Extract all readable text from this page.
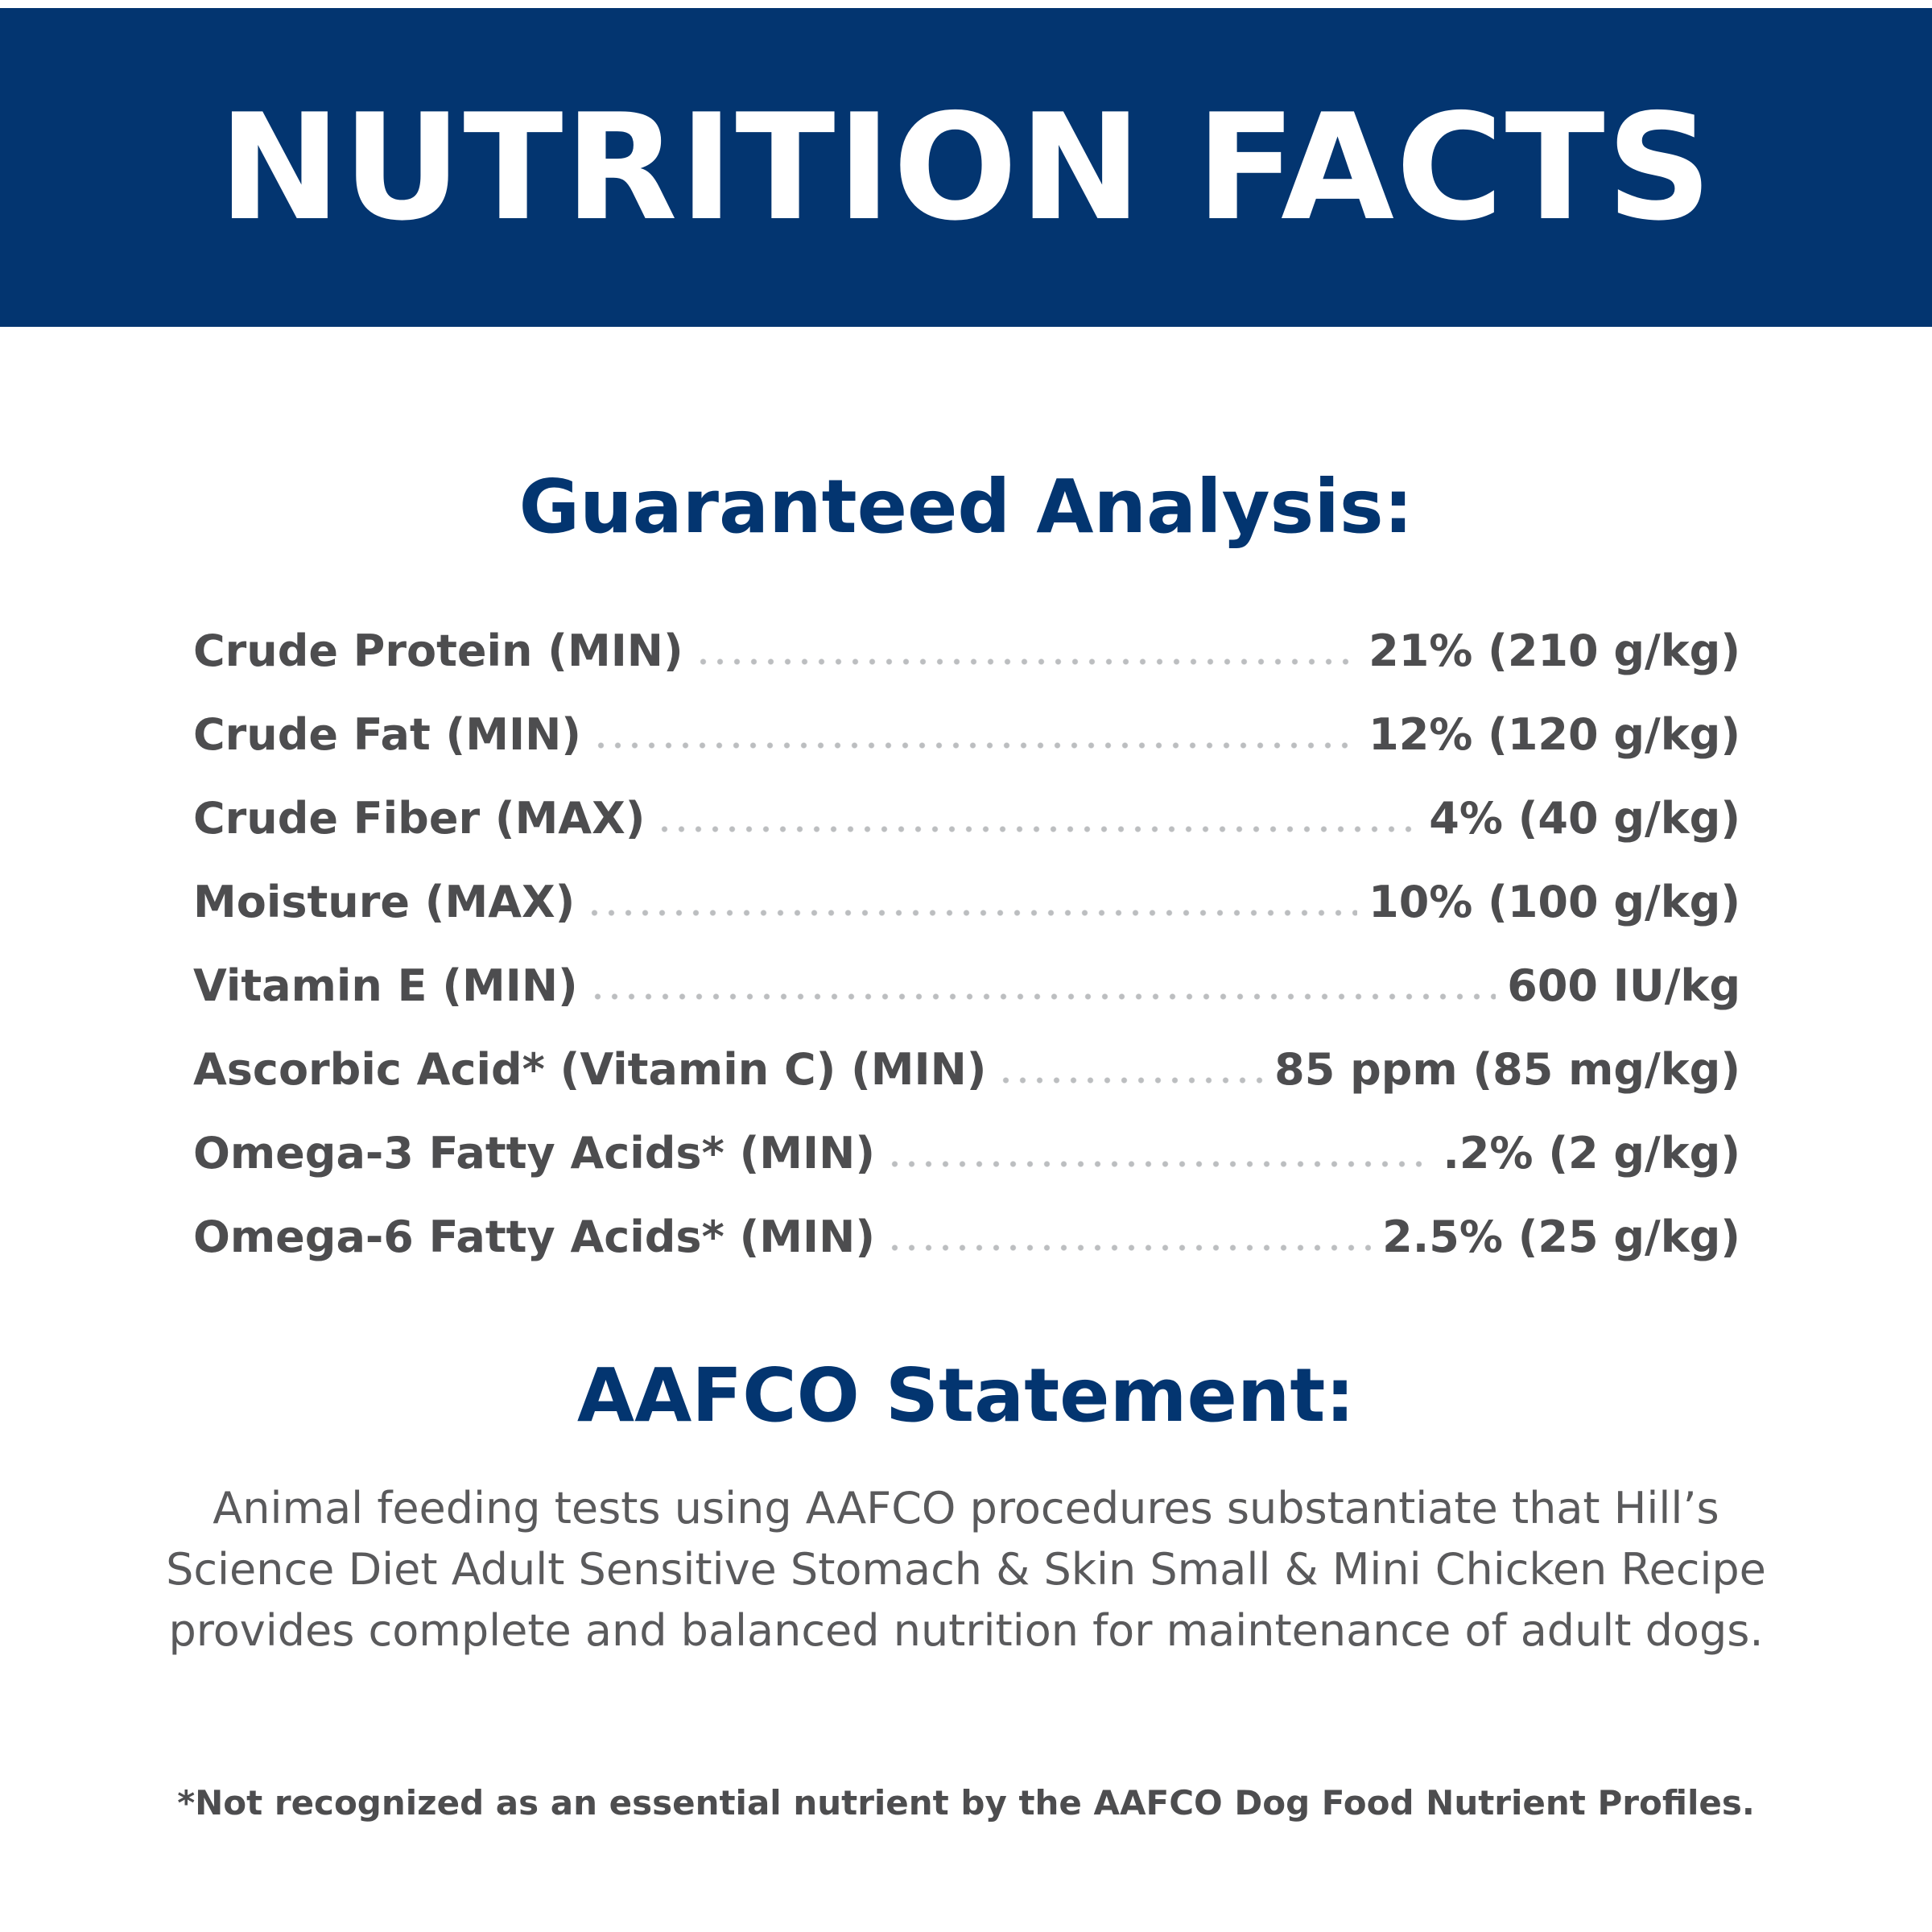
NUTRITION FACTS
Guaranteed Analysis:
Crude Protein (MIN)	21% (210 g/kg)
Crude Fat (MIN)	12% (120 g/kg)
Crude Fiber (MAX)	4% (40 g/kg)
Moisture (MAX)	10% (100 g/kg)
Vitamin E (MIN)	600 IU/kg
Ascorbic Acid* (Vitamin C) (MIN)	85 ppm (85 mg/kg)
Omega-3 Fatty Acids* (MIN)	.2% (2 g/kg)
Omega-6 Fatty Acids* (MIN)	2.5% (25 g/kg)
AAFCO Statement:
Animal feeding tests using AAFCO procedures substantiate that Hill’s Science Diet Adult Sensitive Stomach & Skin Small & Mini Chicken Recipe provides complete and balanced nutrition for maintenance of adult dogs.
*Not recognized as an essential nutrient by the AAFCO Dog Food Nutrient Profiles.
